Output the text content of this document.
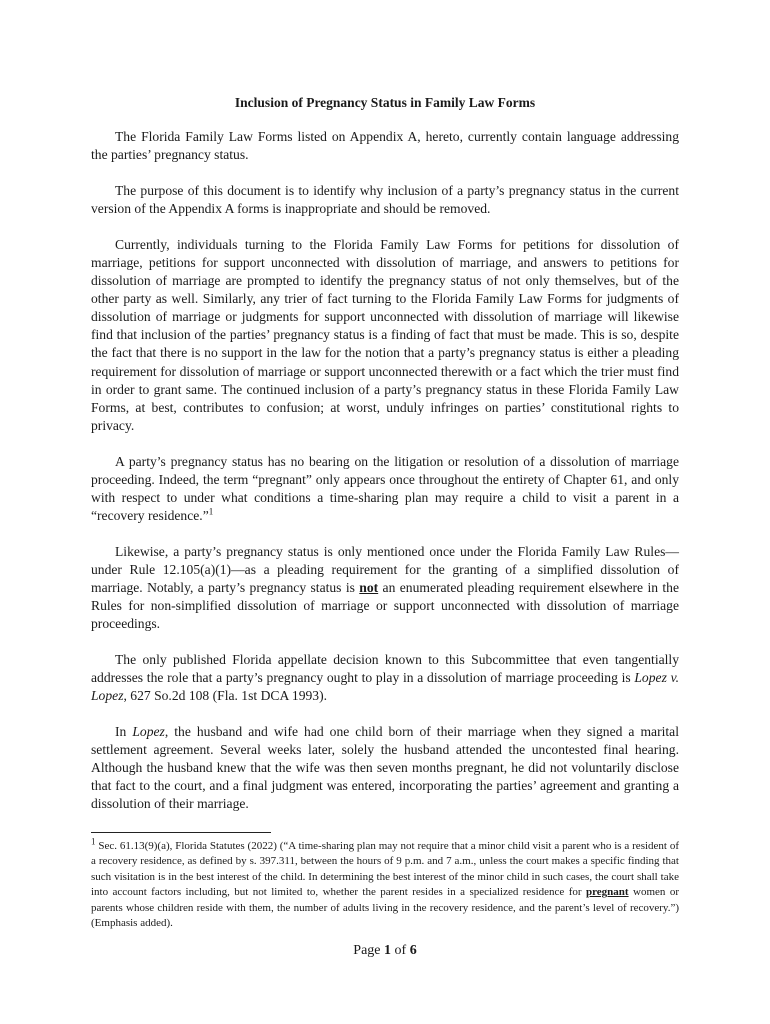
Inclusion of Pregnancy Status in Family Law Forms

The Florida Family Law Forms listed on Appendix A, hereto, currently contain language addressing the parties’ pregnancy status.

The purpose of this document is to identify why inclusion of a party’s pregnancy status in the current version of the Appendix A forms is inappropriate and should be removed.

Currently, individuals turning to the Florida Family Law Forms for petitions for dissolution of marriage, petitions for support unconnected with dissolution of marriage, and answers to petitions for dissolution of marriage are prompted to identify the pregnancy status of not only themselves, but of the other party as well. Similarly, any trier of fact turning to the Florida Family Law Forms for judgments of dissolution of marriage or judgments for support unconnected with dissolution of marriage will likewise find that inclusion of the parties’ pregnancy status is a finding of fact that must be made. This is so, despite the fact that there is no support in the law for the notion that a party’s pregnancy status is either a pleading requirement for dissolution of marriage or support unconnected therewith or a fact which the trier must find in order to grant same. The continued inclusion of a party’s pregnancy status in these Florida Family Law Forms, at best, contributes to confusion; at worst, unduly infringes on parties’ constitutional rights to privacy.

A party’s pregnancy status has no bearing on the litigation or resolution of a dissolution of marriage proceeding. Indeed, the term “pregnant” only appears once throughout the entirety of Chapter 61, and only with respect to under what conditions a time-sharing plan may require a child to visit a parent in a “recovery residence.”$^1$

Likewise, a party’s pregnancy status is only mentioned once under the Florida Family Law Rules—under Rule 12.105(a)(1)—as a pleading requirement for the granting of a simplified dissolution of marriage. Notably, a party’s pregnancy status is not an enumerated pleading requirement elsewhere in the Rules for non-simplified dissolution of marriage or support unconnected with dissolution of marriage proceedings.

The only published Florida appellate decision known to this Subcommittee that even tangentially addresses the role that a party’s pregnancy ought to play in a dissolution of marriage proceeding is Lopez v. Lopez, 627 So.2d 108 (Fla. 1st DCA 1993).

In Lopez, the husband and wife had one child born of their marriage when they signed a marital settlement agreement. Several weeks later, solely the husband attended the uncontested final hearing. Although the husband knew that the wife was then seven months pregnant, he did not voluntarily disclose that fact to the court, and a final judgment was entered, incorporating the parties’ agreement and granting a dissolution of their marriage.

$^1$ Sec. 61.13(9)(a), Florida Statutes (2022) (“A time-sharing plan may not require that a minor child visit a parent who is a resident of a recovery residence, as defined by s. 397.311, between the hours of 9 p.m. and 7 a.m., unless the court makes a specific finding that such visitation is in the best interest of the child. In determining the best interest of the minor child in such cases, the court shall take into account factors including, but not limited to, whether the parent resides in a specialized residence for pregnant women or parents whose children reside with them, the number of adults living in the recovery residence, and the parent’s level of recovery.”) (Emphasis added).

Page 1 of 6
